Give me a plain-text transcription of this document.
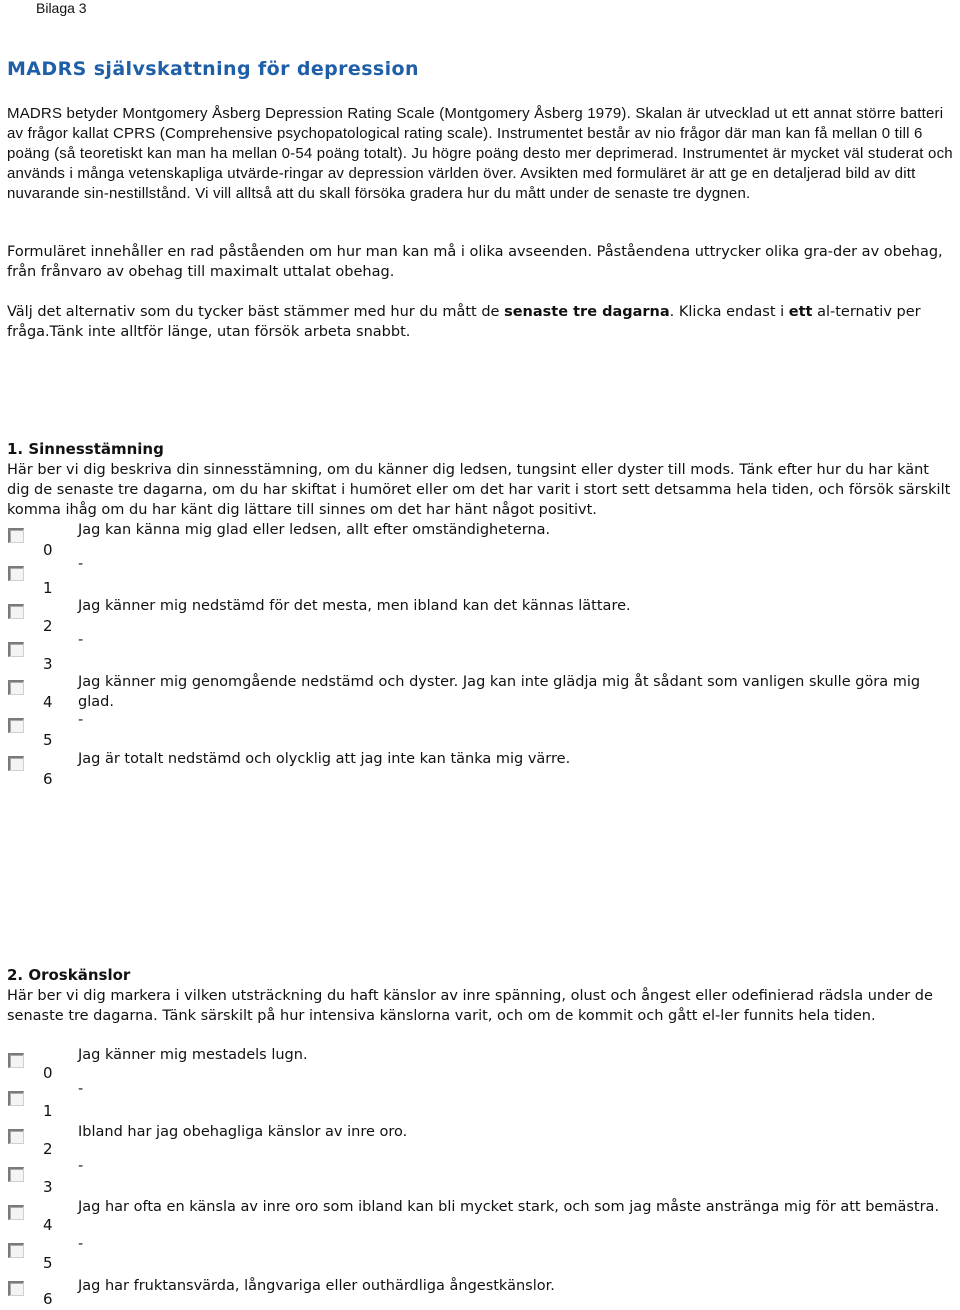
Bilaga 3
MADRS självskattning för depression

MADRS betyder Montgomery Åsberg Depression Rating Scale (Montgomery Åsberg 1979). Skalan är utvecklad ut ett annat större batteri av frågor kallat CPRS (Comprehensive psychopatological rating scale). Instrumentet består av nio frågor där man kan få mellan 0 till 6 poäng (så teoretiskt kan man ha mellan 0-54 poäng totalt). Ju högre poäng desto mer deprimerad. Instrumentet är mycket väl studerat och används i många vetenskapliga utvärde-ringar av depression världen över. Avsikten med formuläret är att ge en detaljerad bild av ditt nuvarande sin-nestillstånd. Vi vill alltså att du skall försöka gradera hur du mått under de senaste tre dygnen.

Formuläret innehåller en rad påståenden om hur man kan må i olika avseenden. Påståendena uttrycker olika gra-der av obehag, från frånvaro av obehag till maximalt uttalat obehag.

Välj det alternativ som du tycker bäst stämmer med hur du mått de senaste tre dagarna. Klicka endast i ett al-ternativ per fråga.Tänk inte alltför länge, utan försök arbeta snabbt.

1. Sinnesstämning
Här ber vi dig beskriva din sinnesstämning, om du känner dig ledsen, tungsint eller dyster till mods. Tänk efter hur du har känt dig de senaste tre dagarna, om du har skiftat i humöret eller om det har varit i stort sett detsamma hela tiden, och försök särskilt komma ihåg om du har känt dig lättare till sinnes om det har hänt något positivt.
0
1
2
3
4
5
6
Jag kan känna mig glad eller ledsen, allt efter omständigheterna.
-
Jag känner mig nedstämd för det mesta, men ibland kan det kännas lättare.
-
Jag känner mig genomgående nedstämd och dyster. Jag kan inte glädja mig åt sådant som vanligen skulle göra mig glad.
-
Jag är totalt nedstämd och olycklig att jag inte kan tänka mig värre.
2. Oroskänslor
Här ber vi dig markera i vilken utsträckning du haft känslor av inre spänning, olust och ångest eller odefinierad rädsla under de senaste tre dagarna. Tänk särskilt på hur intensiva känslorna varit, och om de kommit och gått el-ler funnits hela tiden.
0
1
2
3
4
5
6
Jag känner mig mestadels lugn.
-
Ibland har jag obehagliga känslor av inre oro.
-
Jag har ofta en känsla av inre oro som ibland kan bli mycket stark, och som jag måste anstränga mig för att bemästra.
-
Jag har fruktansvärda, långvariga eller outhärdliga ångestkänslor.
